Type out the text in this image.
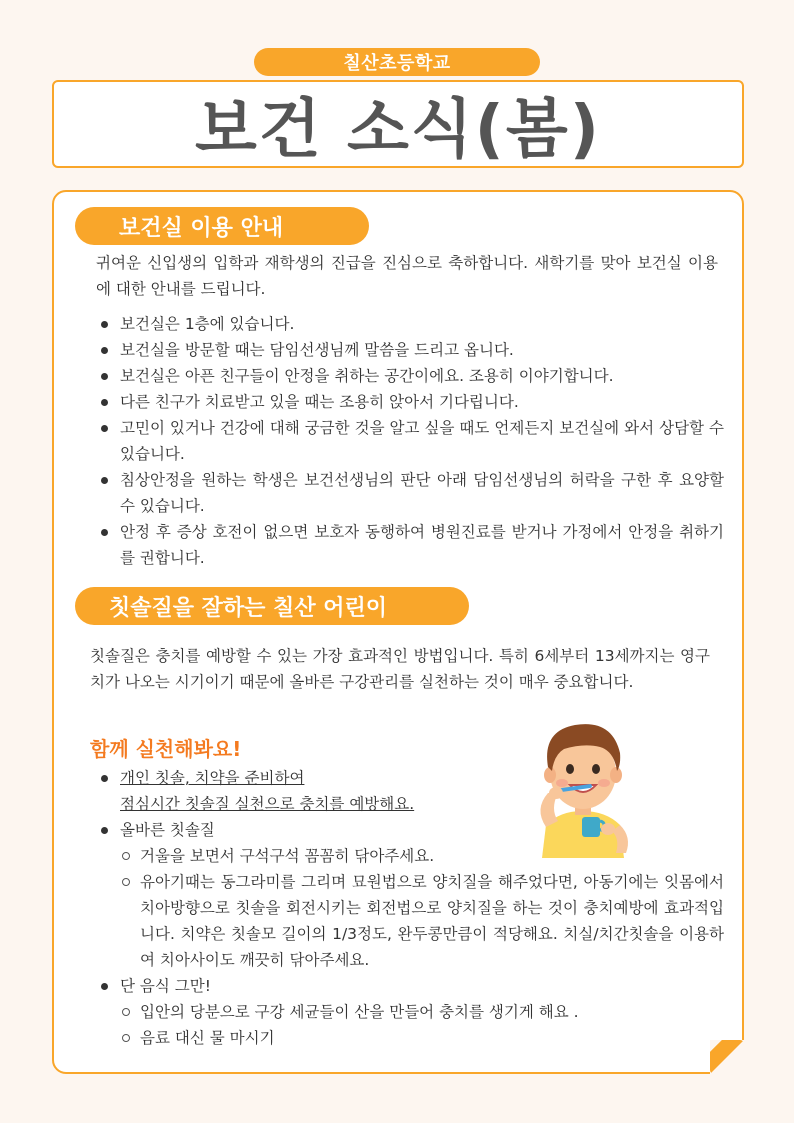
칠산초등학교
보건 소식(봄)
보건실 이용 안내

귀여운 신입생의 입학과 재학생의 진급을 진심으로 축하합니다. 새학기를 맞아 보건실 이용에 대한 안내를 드립니다.

보건실은 1층에 있습니다.
보건실을 방문할 때는 담임선생님께 말씀을 드리고 옵니다.
보건실은 아픈 친구들이 안정을 취하는 공간이에요. 조용히 이야기합니다.
다른 친구가 치료받고 있을 때는 조용히 앉아서 기다립니다.
고민이 있거나 건강에 대해 궁금한 것을 알고 싶을 때도 언제든지 보건실에 와서 상담할 수 있습니다.
침상안정을 원하는 학생은 보건선생님의 판단 아래 담임선생님의 허락을 구한 후 요양할 수 있습니다.
안정 후 증상 호전이 없으면 보호자 동행하여 병원진료를 받거나 가정에서 안정을 취하기를 권합니다.
칫솔질을 잘하는 칠산 어린이

칫솔질은 충치를 예방할 수 있는 가장 효과적인 방법입니다. 특히 6세부터 13세까지는 영구치가 나오는 시기이기 때문에 올바른 구강관리를 실천하는 것이 매우 중요합니다.

함께 실천해봐요!
개인 칫솔, 치약을 준비하여
점심시간 칫솔질 실천으로 충치를 예방해요.
올바른 칫솔질
거울을 보면서 구석구석 꼼꼼히 닦아주세요.
유아기때는 동그라미를 그리며 묘원법으로 양치질을 해주었다면, 아동기에는 잇몸에서 치아방향으로 칫솔을 회전시키는 회전법으로 양치질을 하는 것이 충치예방에 효과적입니다. 치약은 칫솔모 길이의 1/3정도, 완두콩만큼이 적당해요. 치실/치간칫솔을 이용하여 치아사이도 깨끗히 닦아주세요.
단 음식 그만!
입안의 당분으로 구강 세균들이 산을 만들어 충치를 생기게 해요 .
음료 대신 물 마시기
